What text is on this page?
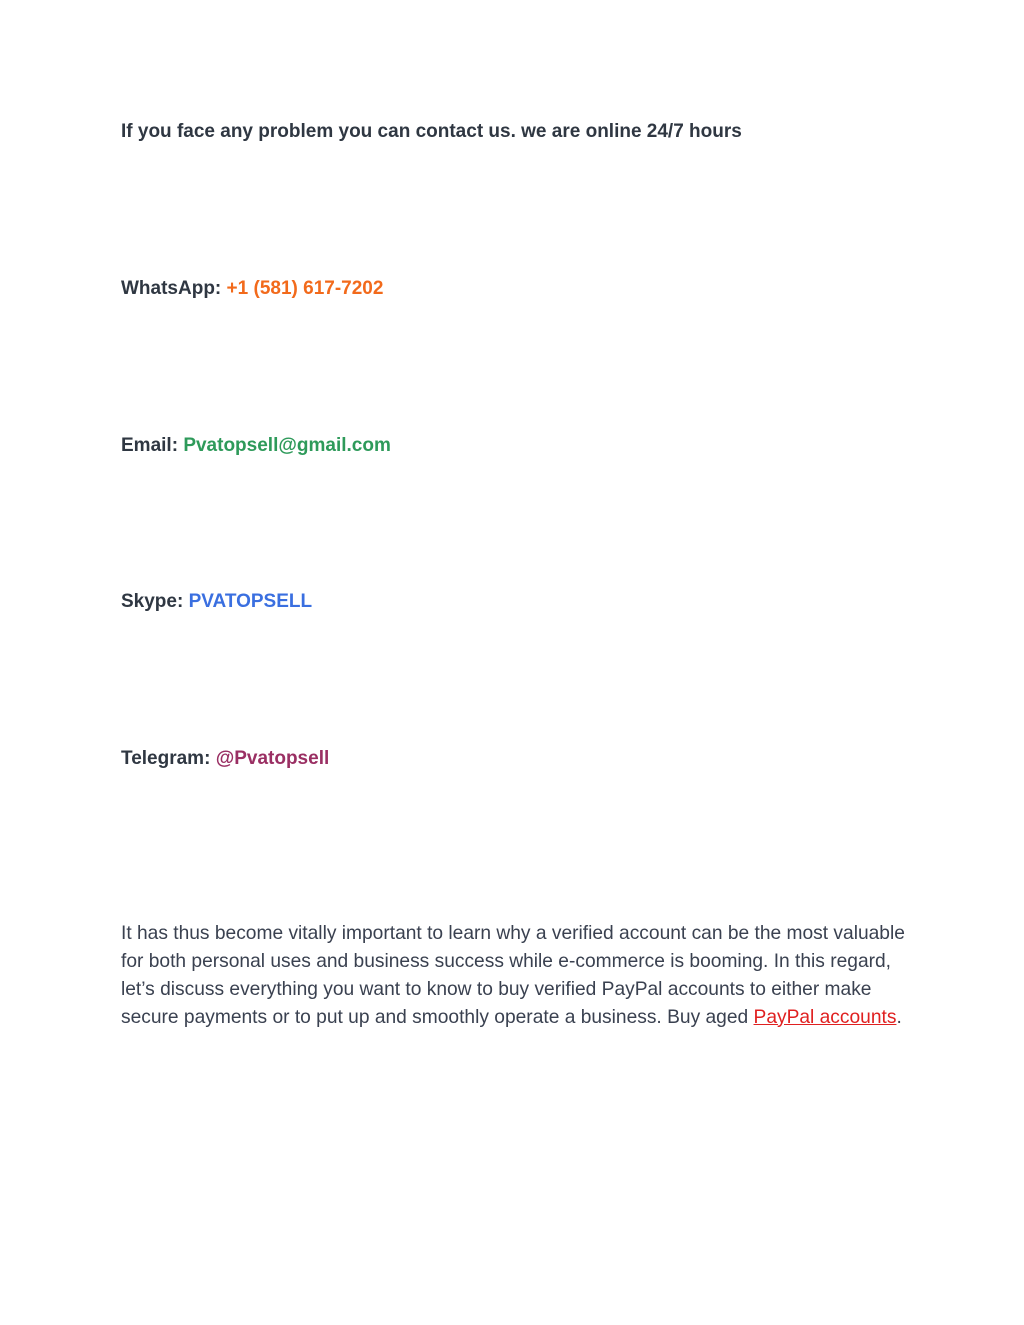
If you face any problem you can contact us. we are online 24/7 hours
WhatsApp: +1 (581) 617-7202
Email: Pvatopsell@gmail.com
Skype: PVATOPSELL
Telegram: @Pvatopsell

It has thus become vitally important to learn why a verified account can be the most valuable for both personal uses and business success while e-commerce is booming. In this regard, let’s discuss everything you want to know to buy verified PayPal accounts to either make secure payments or to put up and smoothly operate a business. Buy aged PayPal accounts.
